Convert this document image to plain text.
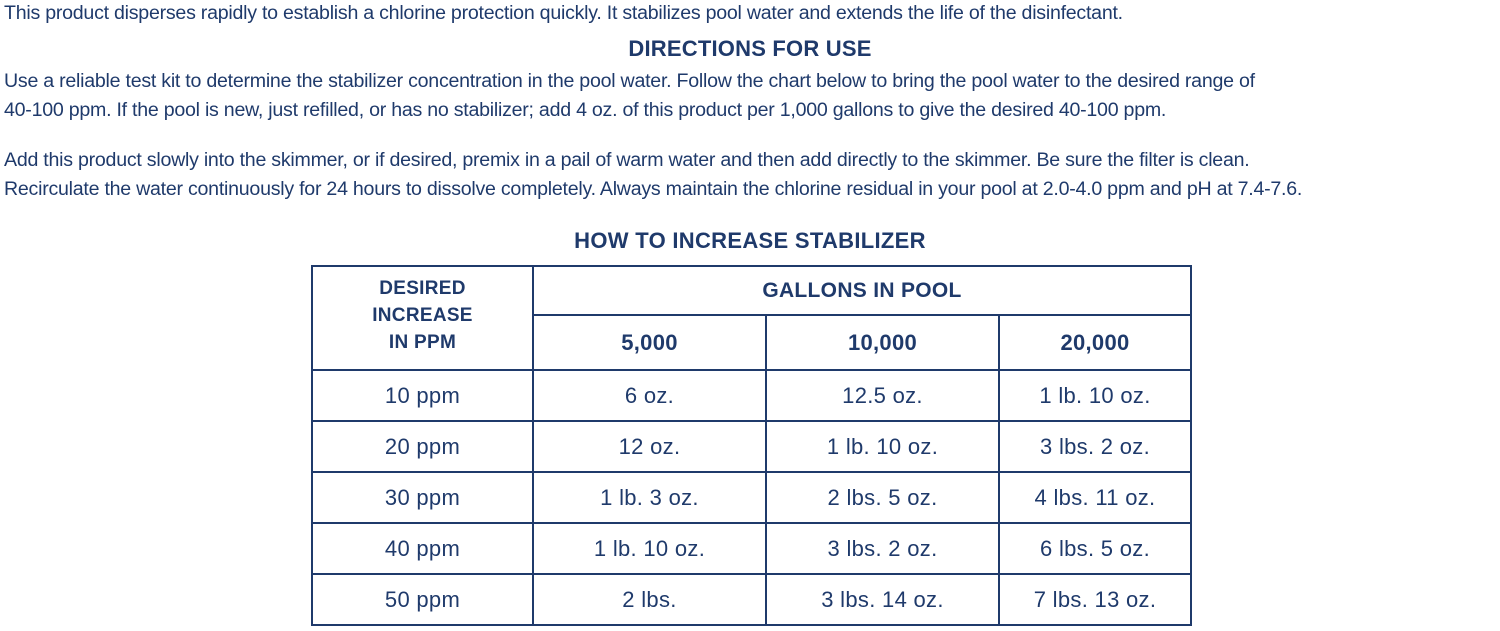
This product disperses rapidly to establish a chlorine protection quickly. It stabilizes pool water and extends the life of the disinfectant.

DIRECTIONS FOR USE

Use a reliable test kit to determine the stabilizer concentration in the pool water. Follow the chart below to bring the pool water to the desired range of
40-100 ppm. If the pool is new, just refilled, or has no stabilizer; add 4 oz. of this product per 1,000 gallons to give the desired 40-100 ppm.

Add this product slowly into the skimmer, or if desired, premix in a pail of warm water and then add directly to the skimmer. Be sure the filter is clean.
Recirculate the water continuously for 24 hours to dissolve completely. Always maintain the chlorine residual in your pool at 2.0-4.0 ppm and pH at 7.4-7.6.

HOW TO INCREASE STABILIZER
DESIRED
INCREASE
IN PPM	GALLONS IN POOL		
	5,000	10,000	20,000
10 ppm	6 oz.	12.5 oz.	1 lb. 10 oz.
20 ppm	12 oz.	1 lb. 10 oz.	3 lbs. 2 oz.
30 ppm	1 lb. 3 oz.	2 lbs. 5 oz.	4 lbs. 11 oz.
40 ppm	1 lb. 10 oz.	3 lbs. 2 oz.	6 lbs. 5 oz.
50 ppm	2 lbs.	3 lbs. 14 oz.	7 lbs. 13 oz.
